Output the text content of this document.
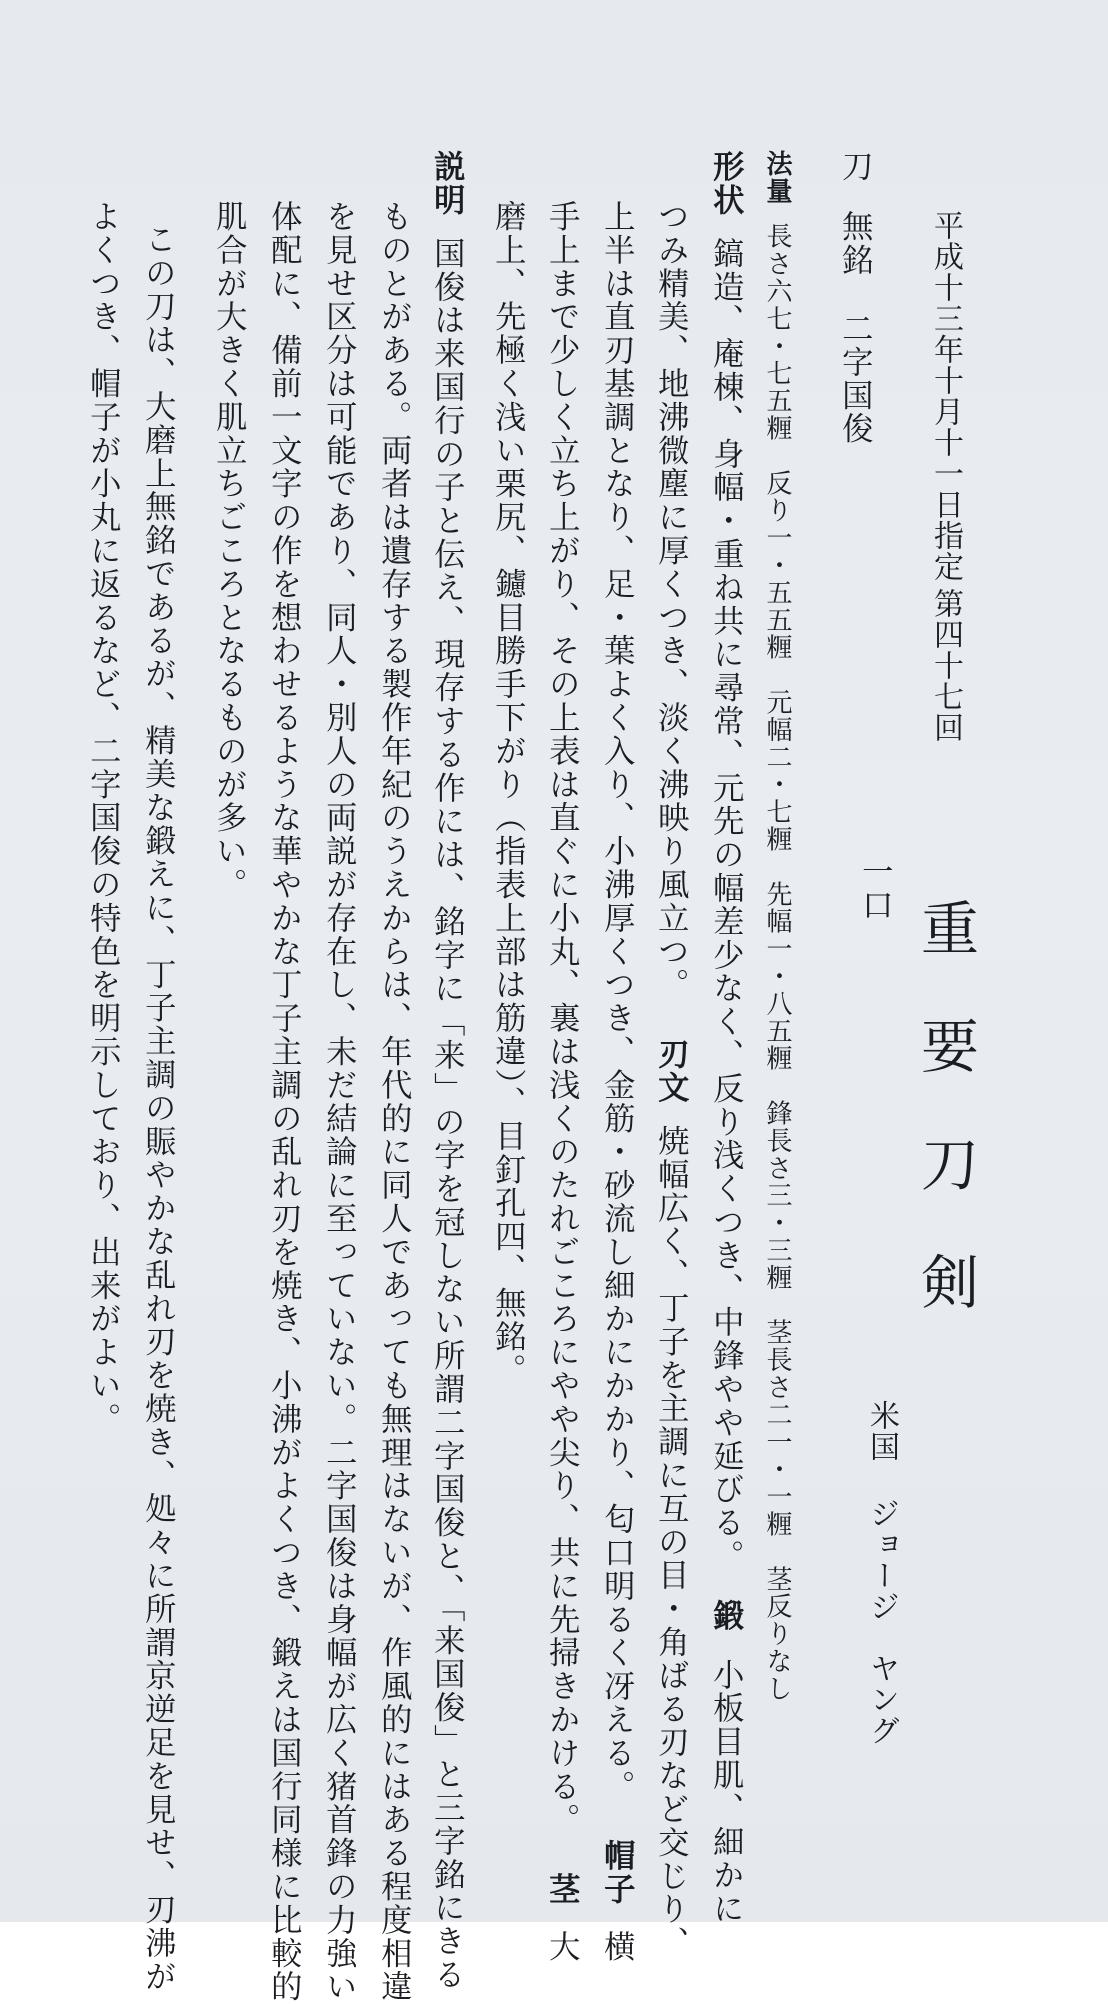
平成十三年十月十一日指定
第四十七回
重要刀剣
米国
ジョージ　ヤング
刀
無銘
二字国俊
一口
法量長さ六七・七五糎　反り一・五五糎　元幅二・七糎　先幅一・八五糎　鋒長さ三・三糎　茎長さ二一・一糎　茎反りなし
形状鎬造、庵棟、身幅・重ね共に尋常、元先の幅差少なく、反り浅くつき、中鋒やや延びる。鍛小板目肌、細かに
つみ精美、地沸微塵に厚くつき、淡く沸映り風立つ。刃文焼幅広く、丁子を主調に互の目・角ばる刃など交じり、
上半は直刃基調となり、足・葉よく入り、小沸厚くつき、金筋・砂流し細かにかかり、匂口明るく冴える。帽子横
手上まで少しく立ち上がり、その上表は直ぐに小丸、裏は浅くのたれごころにやや尖り、共に先掃きかける。茎大
磨上、先極く浅い栗尻、鑢目勝手下がり（指表上部は筋違）、目釘孔四、無銘。
説明国俊は来国行の子と伝え、現存する作には、銘字に「来」の字を冠しない所謂二字国俊と、「来国俊」と三字銘にきる
ものとがある。両者は遺存する製作年紀のうえからは、年代的に同人であっても無理はないが、作風的にはある程度相違
を見せ区分は可能であり、同人・別人の両説が存在し、未だ結論に至っていない。二字国俊は身幅が広く猪首鋒の力強い
体配に、備前一文字の作を想わせるような華やかな丁子主調の乱れ刃を焼き、小沸がよくつき、鍛えは国行同様に比較的
肌合が大きく肌立ちごころとなるものが多い。
この刀は、大磨上無銘であるが、精美な鍛えに、丁子主調の賑やかな乱れ刃を焼き、処々に所謂京逆足を見せ、刃沸が
よくつき、帽子が小丸に返るなど、二字国俊の特色を明示しており、出来がよい。
